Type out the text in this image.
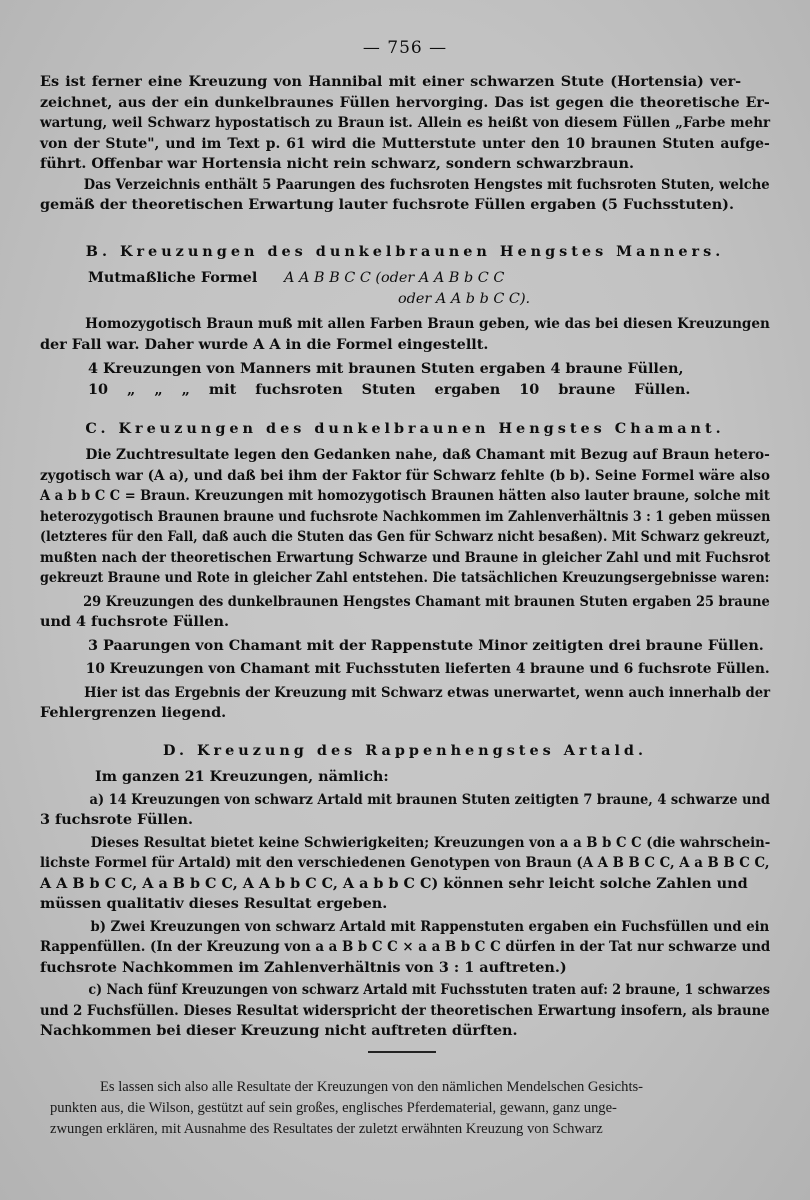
— 756 —
Es ist ferner eine Kreuzung von Hannibal mit einer schwarzen Stute (Hortensia) ver-
zeichnet, aus der ein dunkelbraunes Füllen hervorging. Das ist gegen die theoretische Er-
wartung, weil Schwarz hypostatisch zu Braun ist. Allein es heißt von diesem Füllen „Farbe mehr
von der Stute", und im Text p. 61 wird die Mutterstute unter den 10 braunen Stuten aufge-
führt. Offenbar war Hortensia nicht rein schwarz, sondern schwarzbraun.
Das Verzeichnis enthält 5 Paarungen des fuchsroten Hengstes mit fuchsroten Stuten, welche
gemäß der theoretischen Erwartung lauter fuchsrote Füllen ergaben (5 Fuchsstuten).
B. Kreuzungen des dunkelbraunen Hengstes Manners.
Mutmaßliche Formel	A A B B C C (oder A A B b C C
oder A A b b C C).
Homozygotisch Braun muß mit allen Farben Braun geben, wie das bei diesen Kreuzungen
der Fall war. Daher wurde A A in die Formel eingestellt.
4 Kreuzungen von Manners mit braunen Stuten ergaben 4 braune Füllen,
10 „ „ „ mit fuchsroten Stuten ergaben 10 braune Füllen.
C. Kreuzungen des dunkelbraunen Hengstes Chamant.
Die Zuchtresultate legen den Gedanken nahe, daß Chamant mit Bezug auf Braun hetero-
zygotisch war (A a), und daß bei ihm der Faktor für Schwarz fehlte (b b). Seine Formel wäre also
A a b b C C = Braun. Kreuzungen mit homozygotisch Braunen hätten also lauter braune, solche mit
heterozygotisch Braunen braune und fuchsrote Nachkommen im Zahlenverhältnis 3 : 1 geben müssen
(letzteres für den Fall, daß auch die Stuten das Gen für Schwarz nicht besaßen). Mit Schwarz gekreuzt,
mußten nach der theoretischen Erwartung Schwarze und Braune in gleicher Zahl und mit Fuchsrot
gekreuzt Braune und Rote in gleicher Zahl entstehen. Die tatsächlichen Kreuzungsergebnisse waren:
29 Kreuzungen des dunkelbraunen Hengstes Chamant mit braunen Stuten ergaben 25 braune
und 4 fuchsrote Füllen.
3 Paarungen von Chamant mit der Rappenstute Minor zeitigten drei braune Füllen.
10 Kreuzungen von Chamant mit Fuchsstuten lieferten 4 braune und 6 fuchsrote Füllen.
Hier ist das Ergebnis der Kreuzung mit Schwarz etwas unerwartet, wenn auch innerhalb der
Fehlergrenzen liegend.
D. Kreuzung des Rappenhengstes Artald.
Im ganzen 21 Kreuzungen, nämlich:
a) 14 Kreuzungen von schwarz Artald mit braunen Stuten zeitigten 7 braune, 4 schwarze und
3 fuchsrote Füllen.
Dieses Resultat bietet keine Schwierigkeiten; Kreuzungen von a a B b C C (die wahrschein-
lichste Formel für Artald) mit den verschiedenen Genotypen von Braun (A A B B C C, A a B B C C,
A A B b C C, A a B b C C, A A b b C C, A a b b C C) können sehr leicht solche Zahlen und
müssen qualitativ dieses Resultat ergeben.
b) Zwei Kreuzungen von schwarz Artald mit Rappenstuten ergaben ein Fuchsfüllen und ein
Rappenfüllen. (In der Kreuzung von a a B b C C × a a B b C C dürfen in der Tat nur schwarze und
fuchsrote Nachkommen im Zahlenverhältnis von 3 : 1 auftreten.)
c) Nach fünf Kreuzungen von schwarz Artald mit Fuchsstuten traten auf: 2 braune, 1 schwarzes
und 2 Fuchsfüllen. Dieses Resultat widerspricht der theoretischen Erwartung insofern, als braune
Nachkommen bei dieser Kreuzung nicht auftreten dürften.
Es lassen sich also alle Resultate der Kreuzungen von den nämlichen Mendelschen Gesichts-
punkten aus, die Wilson, gestützt auf sein großes, englisches Pferdematerial, gewann, ganz unge-
zwungen erklären, mit Ausnahme des Resultates der zuletzt erwähnten Kreuzung von Schwarz
